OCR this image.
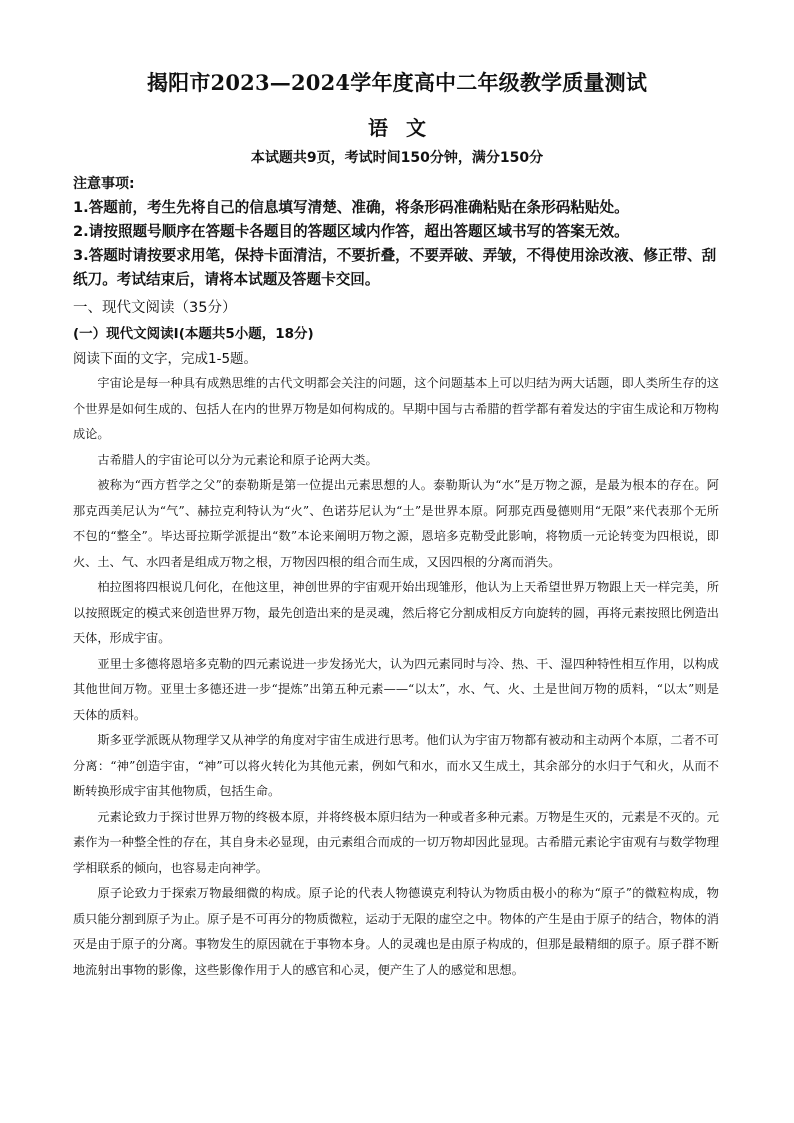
揭阳市2023—2024学年度高中二年级教学质量测试
语文
本试题共9页，考试时间150分钟，满分150分
注意事项:
1.答题前，考生先将自己的信息填写清楚、准确，将条形码准确粘贴在条形码粘贴处。
2.请按照题号顺序在答题卡各题目的答题区域内作答，超出答题区域书写的答案无效。
3.答题时请按要求用笔，保持卡面清洁，不要折叠，不要弄破、弄皱，不得使用涂改液、修正带、刮纸刀。考试结束后，请将本试题及答题卡交回。
一、现代文阅读（35分）
(一）现代文阅读Ⅰ(本题共5小题，18分)
阅读下面的文字，完成1-5题。

宇宙论是每一种具有成熟思维的古代文明都会关注的问题，这个问题基本上可以归结为两大话题，即人类所生存的这个世界是如何生成的、包括人在内的世界万物是如何构成的。早期中国与古希腊的哲学都有着发达的宇宙生成论和万物构成论。

古希腊人的宇宙论可以分为元素论和原子论两大类。

被称为“西方哲学之父”的泰勒斯是第一位提出元素思想的人。泰勒斯认为“水”是万物之源，是最为根本的存在。阿那克西美尼认为“气”、赫拉克利特认为“火”、色诺芬尼认为“土”是世界本原。阿那克西曼德则用“无限”来代表那个无所不包的“整全”。毕达哥拉斯学派提出“数”本论来阐明万物之源，恩培多克勒受此影响，将物质一元论转变为四根说，即火、土、气、水四者是组成万物之根，万物因四根的组合而生成，又因四根的分离而消失。

柏拉图将四根说几何化，在他这里，神创世界的宇宙观开始出现雏形，他认为上天希望世界万物跟上天一样完美，所以按照既定的模式来创造世界万物，最先创造出来的是灵魂，然后将它分割成相反方向旋转的圆，再将元素按照比例造出天体，形成宇宙。

亚里士多德将恩培多克勒的四元素说进一步发扬光大，认为四元素同时与冷、热、干、湿四种特性相互作用，以构成其他世间万物。亚里士多德还进一步“提炼”出第五种元素——“以太”，水、气、火、土是世间万物的质料，“以太”则是天体的质料。

斯多亚学派既从物理学又从神学的角度对宇宙生成进行思考。他们认为宇宙万物都有被动和主动两个本原，二者不可分离：“神”创造宇宙，“神”可以将火转化为其他元素，例如气和水，而水又生成土，其余部分的水归于气和火，从而不断转换形成宇宙其他物质，包括生命。

元素论致力于探讨世界万物的终极本原，并将终极本原归结为一种或者多种元素。万物是生灭的，元素是不灭的。元素作为一种整全性的存在，其自身未必显现，由元素组合而成的一切万物却因此显现。古希腊元素论宇宙观有与数学物理学相联系的倾向，也容易走向神学。

原子论致力于探索万物最细微的构成。原子论的代表人物德谟克利特认为物质由极小的称为“原子”的微粒构成，物质只能分割到原子为止。原子是不可再分的物质微粒，运动于无限的虚空之中。物体的产生是由于原子的结合，物体的消灭是由于原子的分离。事物发生的原因就在于事物本身。人的灵魂也是由原子构成的，但那是最精细的原子。原子群不断地流射出事物的影像，这些影像作用于人的感官和心灵，便产生了人的感觉和思想。
